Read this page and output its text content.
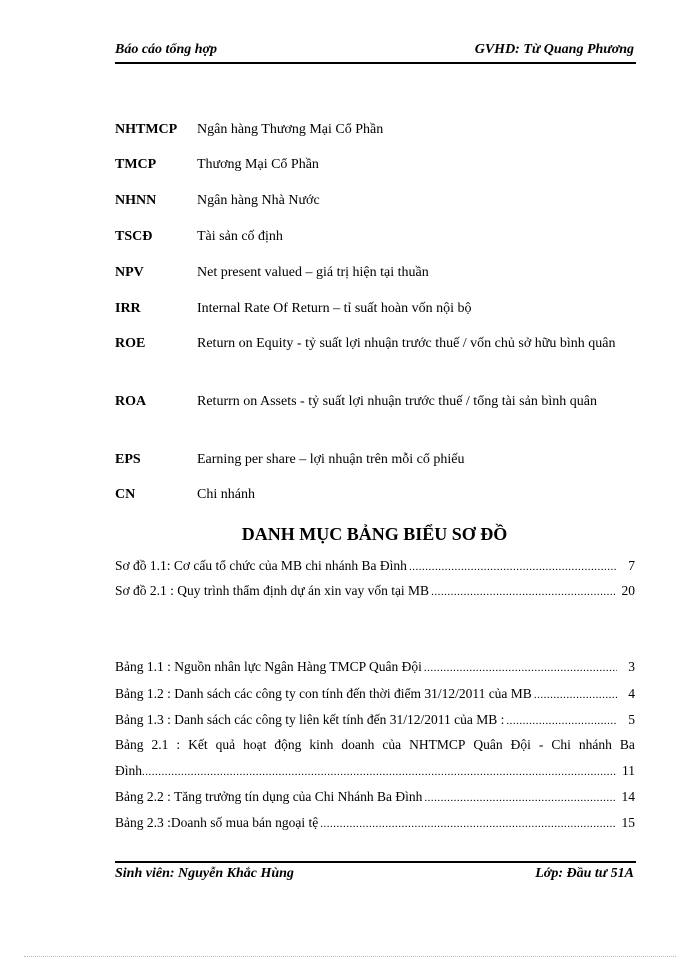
Báo cáo tổng hợp	GVHD: Từ Quang Phương
NHTMCP Ngân hàng Thương Mại Cổ Phần
TMCP	Thương Mại Cổ Phần
NHNN	Ngân hàng Nhà Nước
TSCĐ	Tài sản cố định
NPV	Net present valued – giá trị hiện tại thuần
IRR	Internal Rate Of Return – tỉ suất hoàn vốn nội bộ
ROE	Return on Equity - tỷ suất lợi nhuận trước thuế / vốn chủ sở hữu bình quân
ROA	Returrn on Assets - tỷ suất lợi nhuận trước thuế / tổng tài sản bình quân
EPS	Earning per share – lợi nhuận trên mỗi cổ phiếu
CN	Chi nhánh
DANH MỤC BẢNG BIỂU SƠ ĐỒ
Sơ đồ 1.1: Cơ cấu tổ chức của MB chi nhánh Ba Đình .....	7
Sơ đồ 2.1 : Quy trình thẩm định dự án xin vay vốn tại MB .....	20
Bảng 1.1 : Nguồn nhân lực Ngân Hàng TMCP Quân Đội .....	3
Bảng 1.2 : Danh sách các công ty con tính đến thời điểm 31/12/2011 của MB .....	4
Bảng 1.3 : Danh sách các công ty liên kết tính đến 31/12/2011 của MB : .....	5
Bảng 2.1 : Kết quả hoạt động kinh doanh của NHTMCP Quân Đội - Chi nhánh Ba
Đình .....	11
Bảng 2.2 : Tăng trưởng tín dụng của Chi Nhánh Ba Đình .....	14
Bảng 2.3 :Doanh số mua bán ngoại tệ .....	15
Sinh viên: Nguyễn Khắc Hùng	Lớp: Đầu tư 51A
